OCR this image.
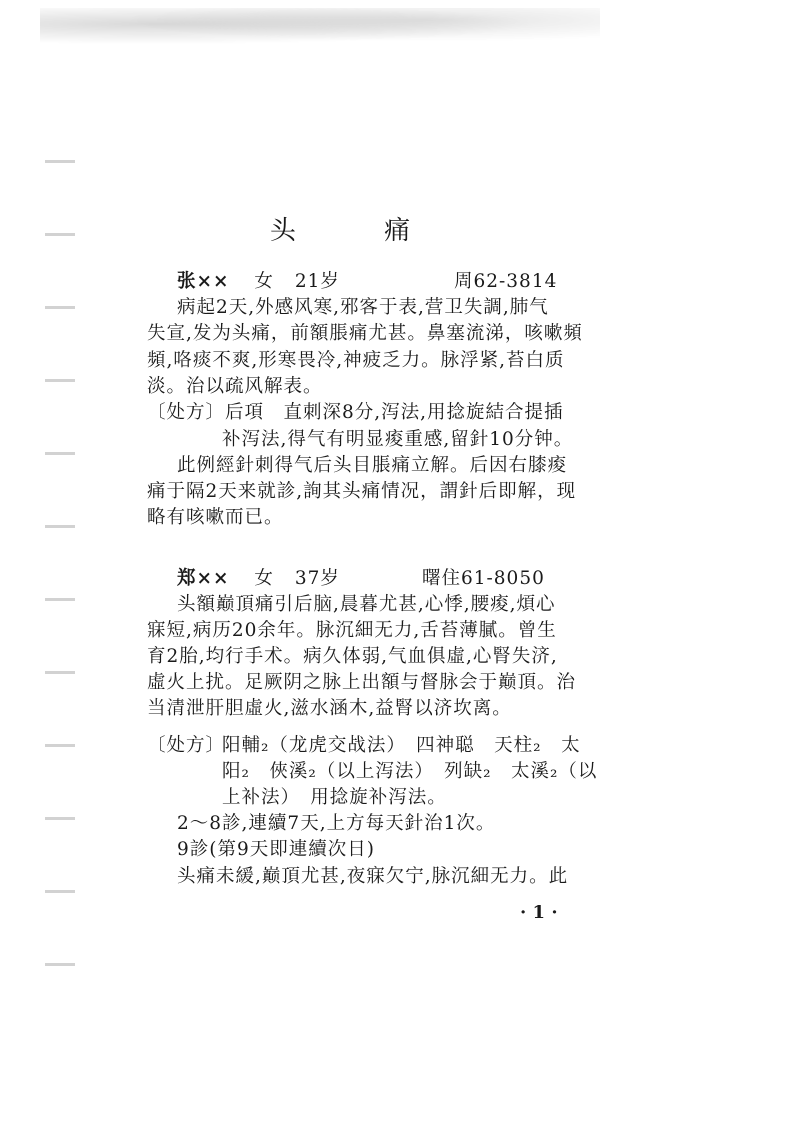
头 痛
张×× 女 21岁	周62-3814
病起2天,外感风寒,邪客于表,营卫失調,肺气
失宣,发为头痛，前額脹痛尤甚。鼻塞流涕，咳嗽頻
頻,咯痰不爽,形寒畏冷,神疲乏力。脉浮紧,苔白质
淡。治以疏风解表。
〔处方〕 后項　直刺深8分,泻法,用捻旋結合提插
补泻法,得气有明显痠重感,留針10分钟。
此例經針刺得气后头目脹痛立解。后因右膝痠
痛于隔2天来就診,詢其头痛情况，謂針后即解，现
略有咳嗽而已。
郑×× 女 37岁	曙住61-8050
头額巅頂痛引后脑,晨暮尤甚,心悸,腰痠,煩心
寐短,病历20余年。脉沉細无力,舌苔薄膩。曾生
育2胎,均行手术。病久体弱,气血俱虛,心腎失济,
虛火上扰。足厥阴之脉上出額与督脉会于巅頂。治
当清泄肝胆虛火,滋水涵木,益腎以济坎离。
〔处方〕
阳輔₂（龙虎交战法）　四神聪　天柱₂　太
阳₂　俠溪₂（以上泻法）　列缺₂　太溪₂（以
上补法）　用捻旋补泻法。
2～8診,連續7天,上方每天針治1次。
9診(第9天即連續次日)
头痛未緩,巅頂尤甚,夜寐欠宁,脉沉細无力。此
· 1 ·
